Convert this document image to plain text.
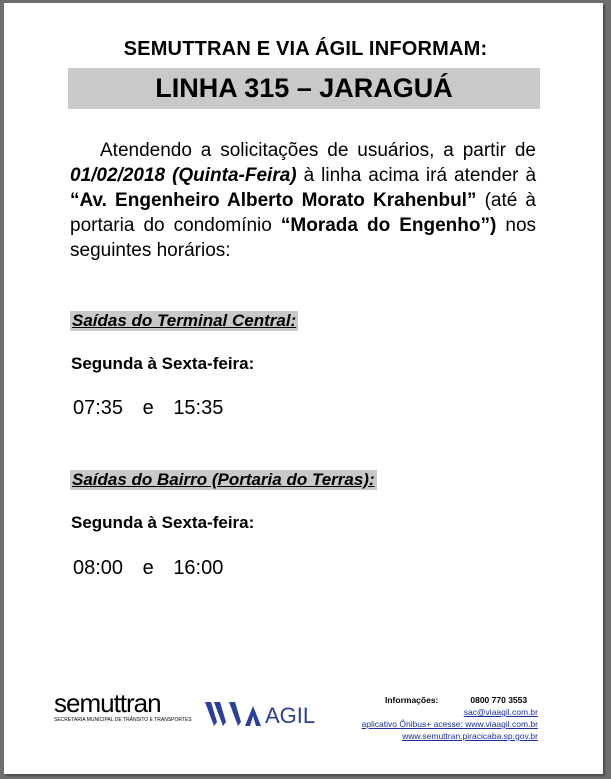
SEMUTTRAN E VIA ÁGIL INFORMAM:
LINHA 315 – JARAGUÁ
Atendendo a solicitações de usuários, a partir de 01/02/2018 (Quinta-Feira) à linha acima irá atender à “Av. Engenheiro Alberto Morato Krahenbul” (até à portaria do condomínio “Morada do Engenho”) nos seguintes horários:
Saídas do Terminal Central:
Segunda à Sexta-feira:
07:35 e 15:35
Saídas do Bairro (Portaria do Terras):
Segunda à Sexta-feira:
08:00 e 16:00
semuttran
SECRETARIA MUNICIPAL DE TRÂNSITO E TRANSPORTES	AGIL
Informações:	0800 770 3553
sac@viaagil.com.br
aplicativo Ônibus+ acesse: www.viaagil.com.br
www.semuttran.piracicaba.sp.gov.br
